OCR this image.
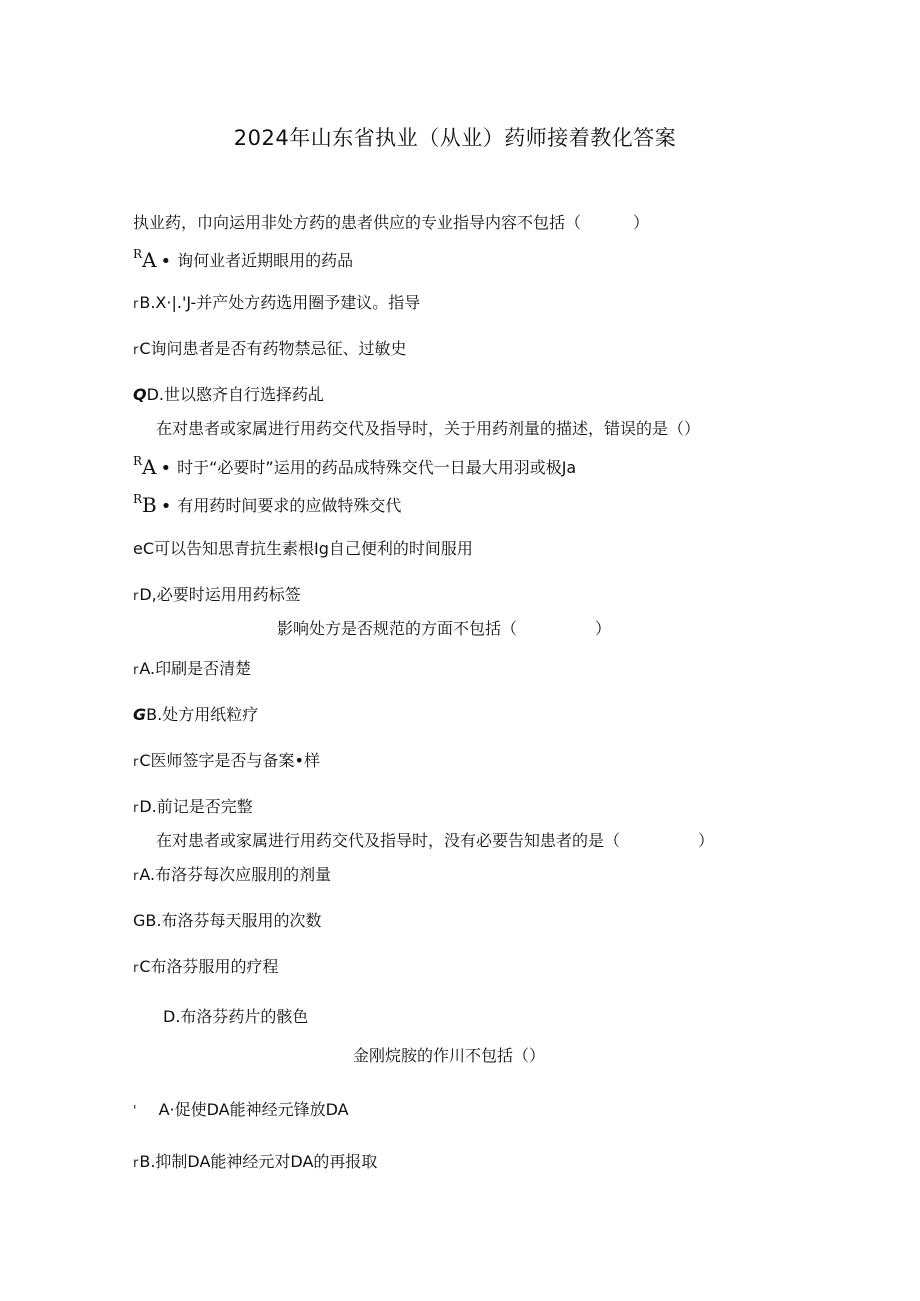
2024年山东省执业（从业）药师接着教化答案
执业药，巾向运用非处方药的患者供应的专业指导内容不包括（	）
$^R$A • 询何业者近期眼用的药品
rB.X·|.'J-并产处方药选用圈予建议。指导
rC询问患者是否有药物禁忌征、过敏史
QD.世以愍齐自行选择药乩
在对患者或家属进行用药交代及指导时，关于用药剂量的描述，错误的是（）
$^R$A • 时于“必要时”运用的药品成特殊交代一日最大用羽或极Ja
$^R$B • 有用药时间要求的应做特殊交代
eC可以告知思青抗生素根Ig自己便利的时间服用
rD,必要时运用用药标签
影响处方是否规范的方面不包括（	）
rA.印刷是否清楚
GB.处方用纸粒疗
rC医师签字是否与备案•样
rD.前记是否完整
在对患者或家属进行用药交代及指导时，没有必要告知患者的是（	）
rA.布洛芬每次应服刖的剂量
GB.布洛芬每天服用的次数
rC布洛芬服用的疗程
D.布洛芬药片的骸色
金刚烷胺的作川不包括（）
' A·促使DA能神经元锋放DA
rB.抑制DA能神经元对DA的再报取
